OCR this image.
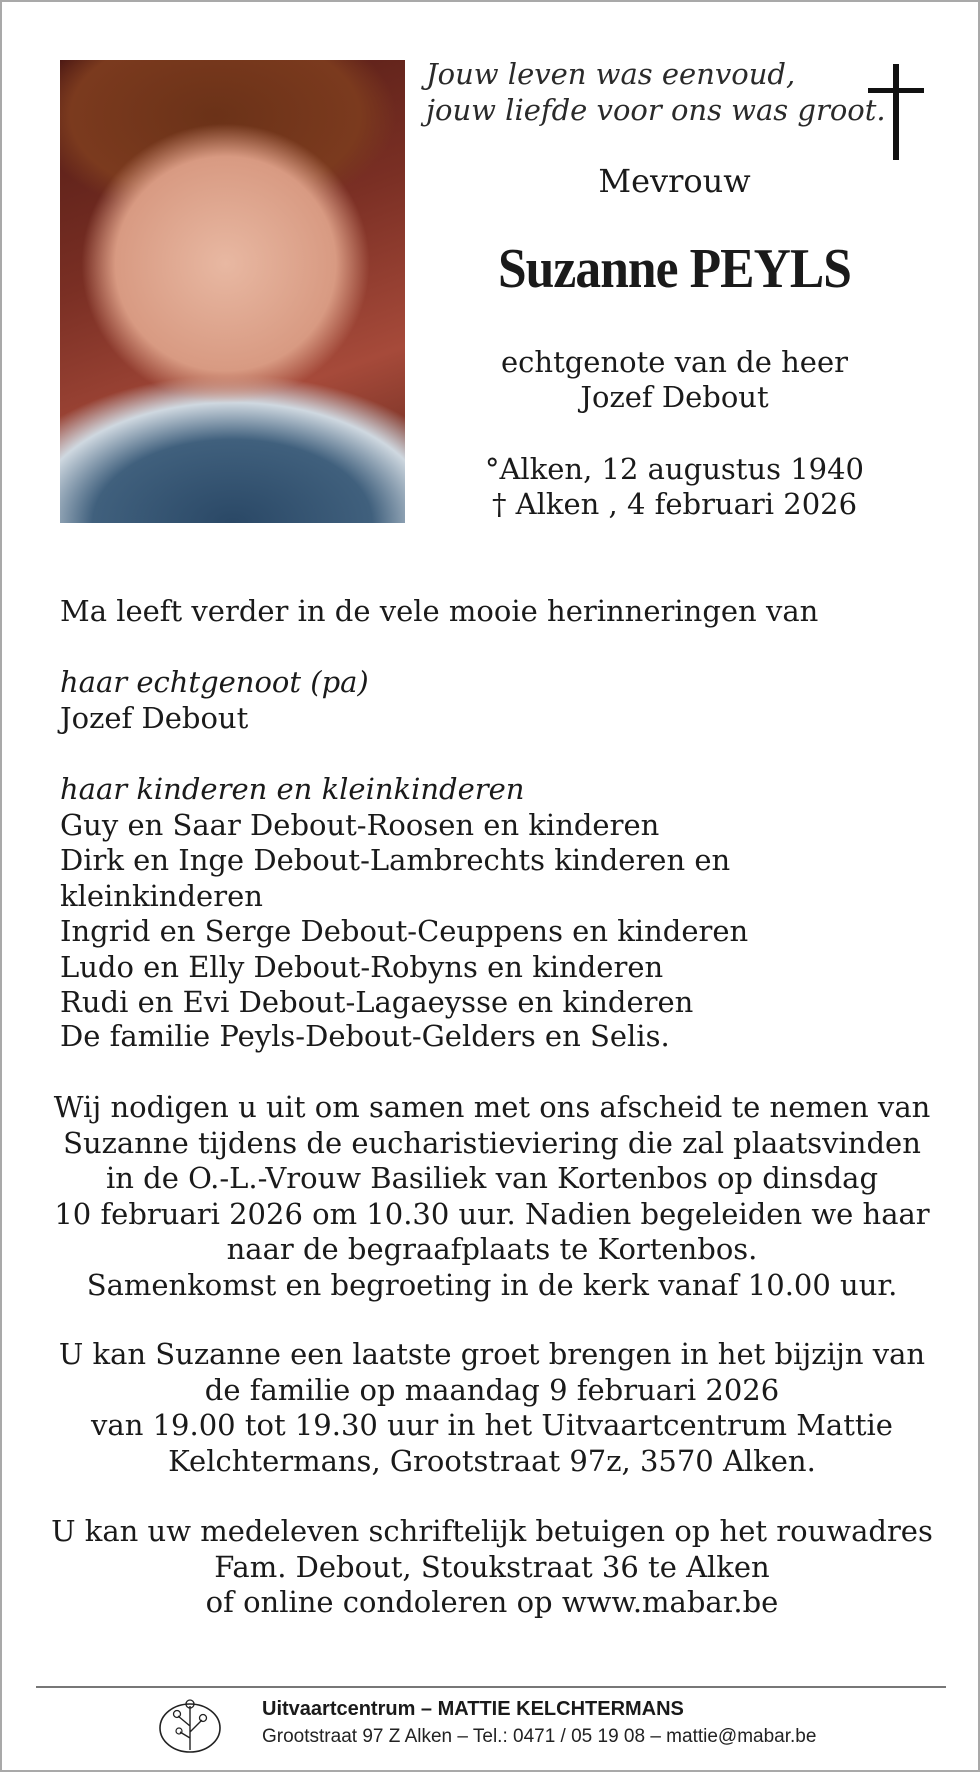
Jouw leven was eenvoud,
jouw liefde voor ons was groot.
Mevrouw
Suzanne PEYLS
echtgenote van de heer
Jozef Debout
°Alken, 12 augustus 1940
† Alken , 4 februari 2026
Ma leeft verder in de vele mooie herinneringen van
haar echtgenoot (pa)
Jozef Debout
haar kinderen en kleinkinderen
Guy en Saar Debout-Roosen en kinderen
Dirk en Inge Debout-Lambrechts kinderen en kleinkinderen
Ingrid en Serge Debout-Ceuppens en kinderen
Ludo en Elly Debout-Robyns en kinderen
Rudi en Evi Debout-Lagaeysse en kinderen
De familie Peyls-Debout-Gelders en Selis.
Wij nodigen u uit om samen met ons afscheid te nemen van
Suzanne tijdens de eucharistieviering die zal plaatsvinden
in de O.-L.-Vrouw Basiliek van Kortenbos op dinsdag
10 februari 2026 om 10.30 uur. Nadien begeleiden we haar
naar de begraafplaats te Kortenbos.
Samenkomst en begroeting in de kerk vanaf 10.00 uur.
U kan Suzanne een laatste groet brengen in het bijzijn van
de familie op maandag 9 februari 2026
van 19.00 tot 19.30 uur in het Uitvaartcentrum Mattie
Kelchtermans, Grootstraat 97z, 3570 Alken.
U kan uw medeleven schriftelijk betuigen op het rouwadres
Fam. Debout, Stoukstraat 36 te Alken
of online condoleren op www.mabar.be
Uitvaartcentrum – MATTIE KELCHTERMANS
Grootstraat 97 Z Alken – Tel.: 0471 / 05 19 08 – mattie@mabar.be
